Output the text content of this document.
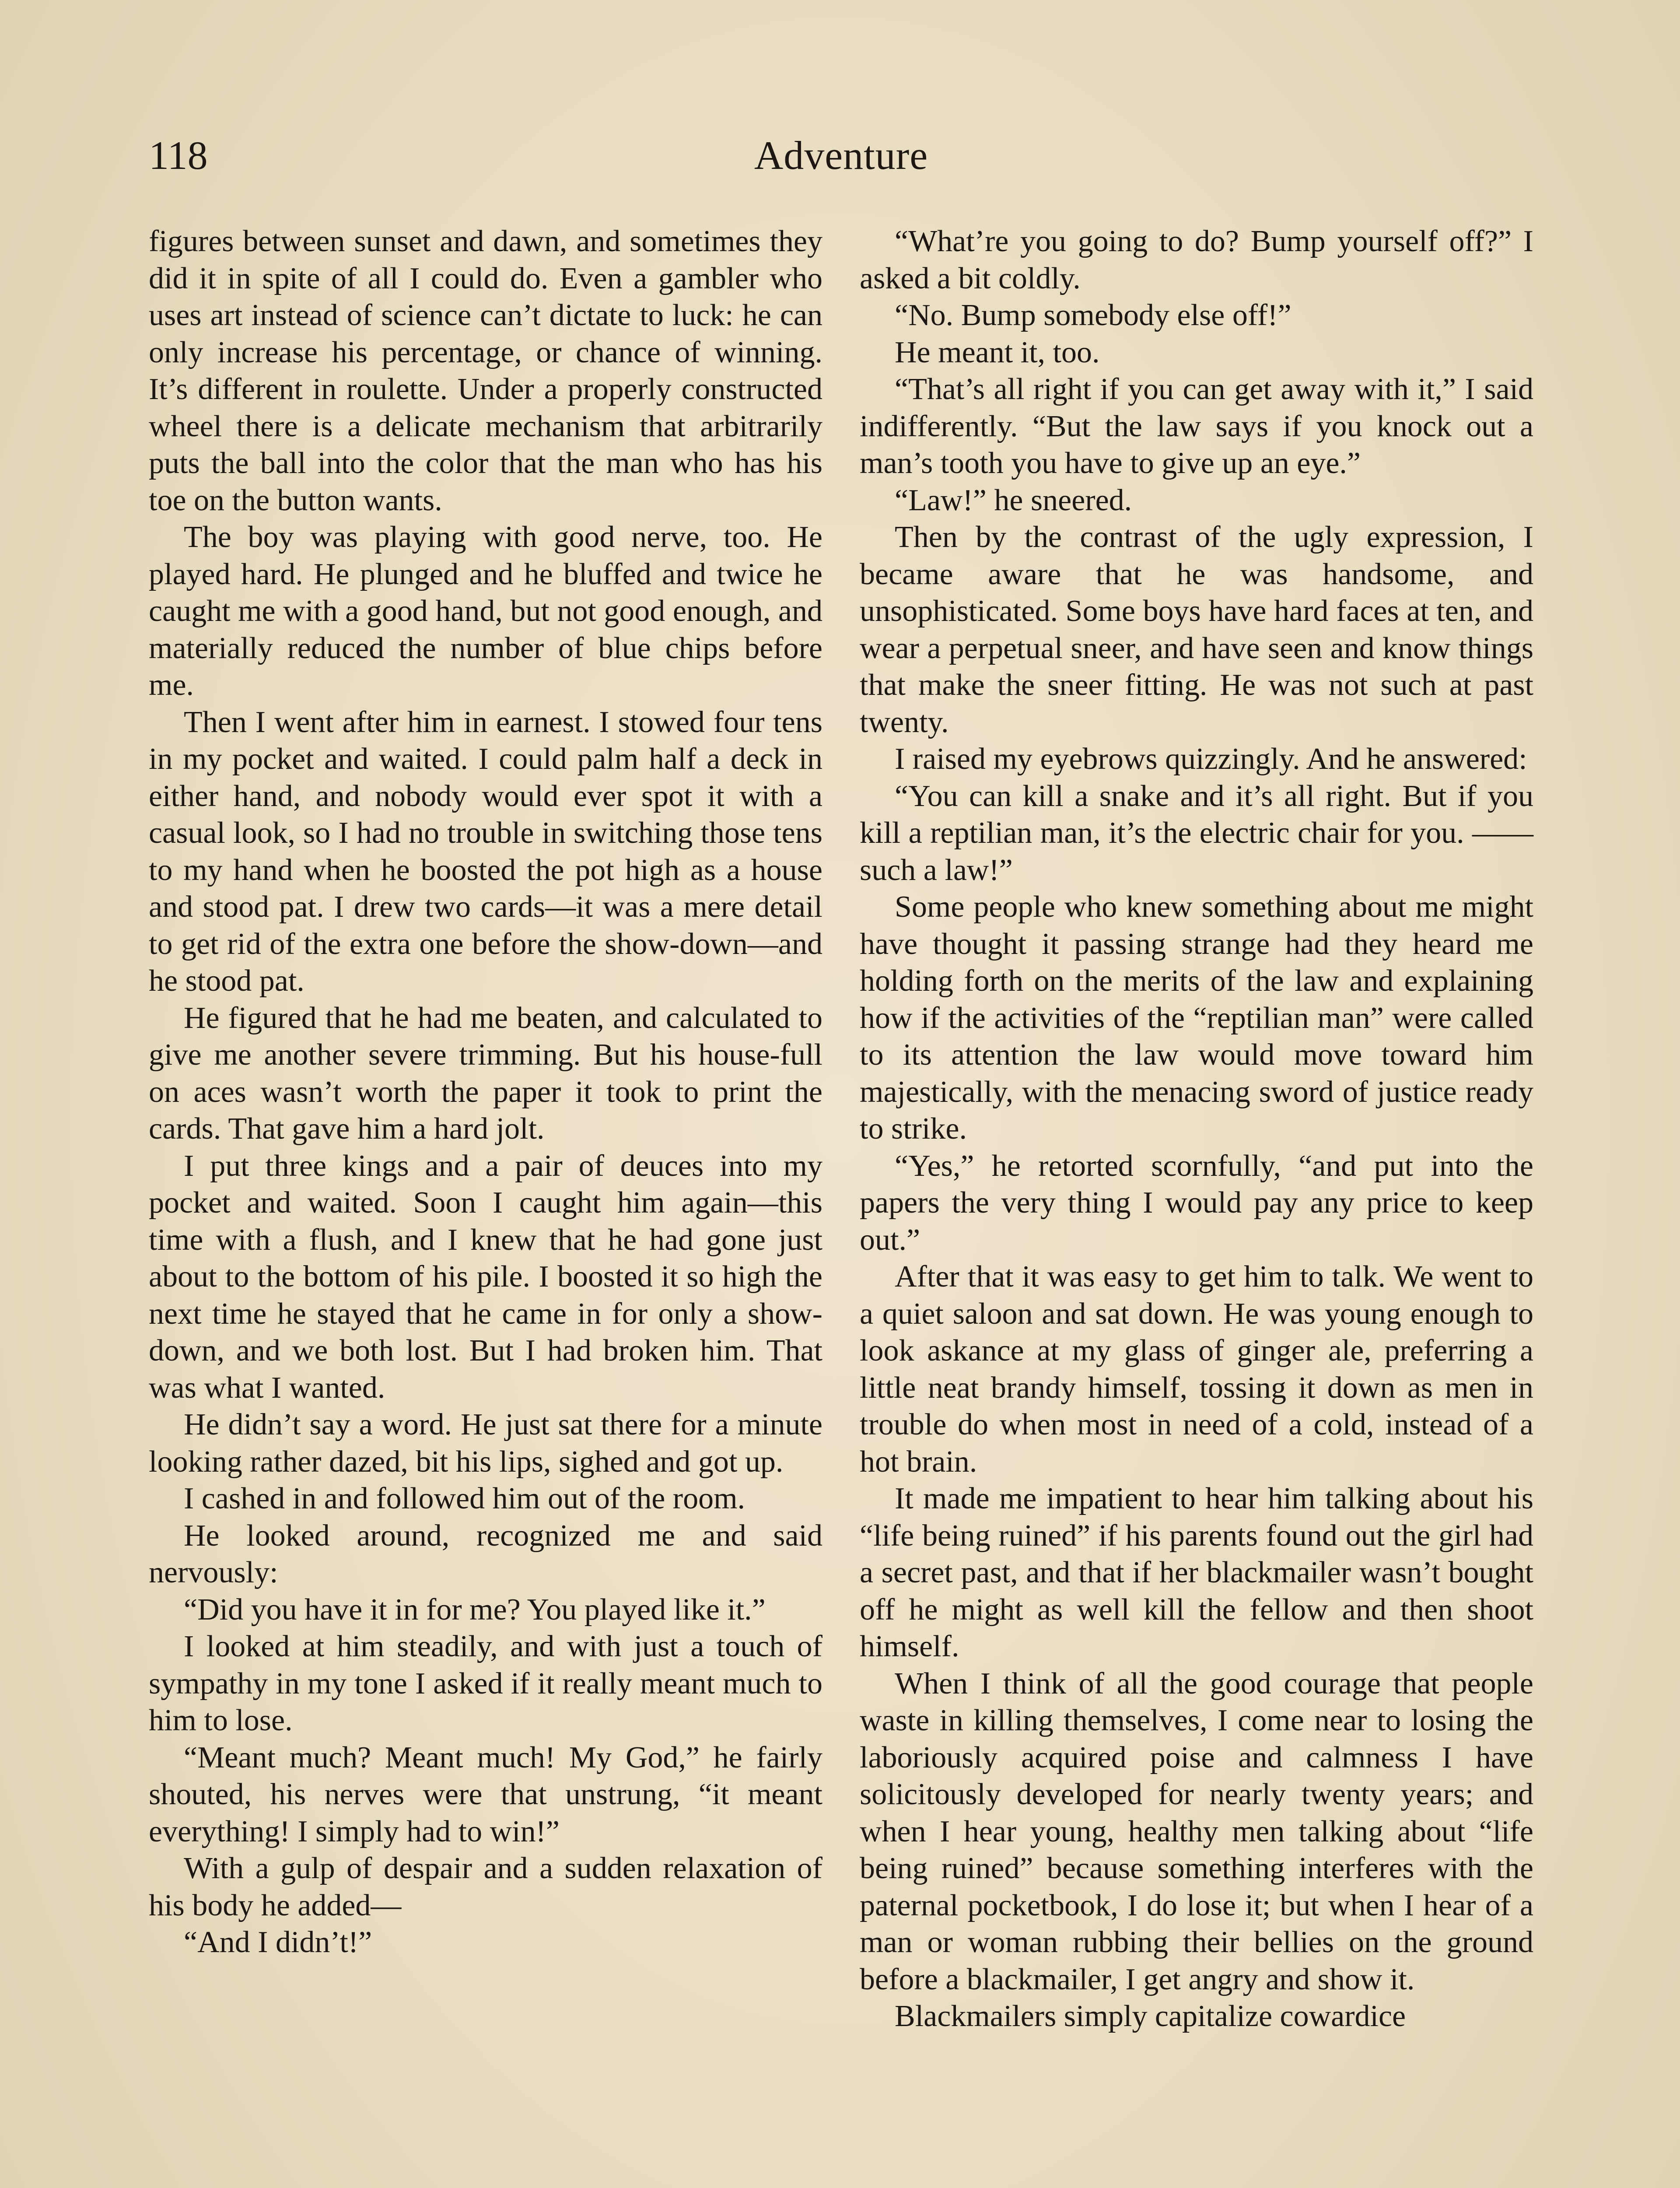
118	Adventure

figures between sunset and dawn, and sometimes they did it in spite of all I could do. Even a gambler who uses art instead of science can’t dictate to luck: he can only increase his percentage, or chance of winning. It’s different in roulette. Under a properly constructed wheel there is a delicate mechanism that arbitrarily puts the ball into the color that the man who has his toe on the button wants.

The boy was playing with good nerve, too. He played hard. He plunged and he bluffed and twice he caught me with a good hand, but not good enough, and materially reduced the number of blue chips before me.

Then I went after him in earnest. I stowed four tens in my pocket and waited. I could palm half a deck in either hand, and nobody would ever spot it with a casual look, so I had no trouble in switching those tens to my hand when he boosted the pot high as a house and stood pat. I drew two cards—it was a mere detail to get rid of the extra one before the show-down—and he stood pat.

He figured that he had me beaten, and calculated to give me another severe trimming. But his house-full on aces wasn’t worth the paper it took to print the cards. That gave him a hard jolt.

I put three kings and a pair of deuces into my pocket and waited. Soon I caught him again—this time with a flush, and I knew that he had gone just about to the bottom of his pile. I boosted it so high the next time he stayed that he came in for only a show-down, and we both lost. But I had broken him. That was what I wanted.

He didn’t say a word. He just sat there for a minute looking rather dazed, bit his lips, sighed and got up.

I cashed in and followed him out of the room.

He looked around, recognized me and said nervously:

“Did you have it in for me? You played like it.”

I looked at him steadily, and with just a touch of sympathy in my tone I asked if it really meant much to him to lose.

“Meant much? Meant much! My God,” he fairly shouted, his nerves were that unstrung, “it meant everything! I simply had to win!”

With a gulp of despair and a sudden relaxation of his body he added—

“And I didn’t!”

“What’re you going to do? Bump yourself off?” I asked a bit coldly.

“No. Bump somebody else off!”

He meant it, too.

“That’s all right if you can get away with it,” I said indifferently. “But the law says if you knock out a man’s tooth you have to give up an eye.”

“Law!” he sneered.

Then by the contrast of the ugly expression, I became aware that he was handsome, and unsophisticated. Some boys have hard faces at ten, and wear a perpetual sneer, and have seen and know things that make the sneer fitting. He was not such at past twenty.

I raised my eyebrows quizzingly. And he answered:

“You can kill a snake and it’s all right. But if you kill a reptilian man, it’s the electric chair for you. —— such a law!”

Some people who knew something about me might have thought it passing strange had they heard me holding forth on the merits of the law and explaining how if the activities of the “reptilian man” were called to its attention the law would move toward him majestically, with the menacing sword of justice ready to strike.

“Yes,” he retorted scornfully, “and put into the papers the very thing I would pay any price to keep out.”

After that it was easy to get him to talk. We went to a quiet saloon and sat down. He was young enough to look askance at my glass of ginger ale, preferring a little neat brandy himself, tossing it down as men in trouble do when most in need of a cold, instead of a hot brain.

It made me impatient to hear him talking about his “life being ruined” if his parents found out the girl had a secret past, and that if her blackmailer wasn’t bought off he might as well kill the fellow and then shoot himself.

When I think of all the good courage that people waste in killing themselves, I come near to losing the laboriously acquired poise and calmness I have solicitously developed for nearly twenty years; and when I hear young, healthy men talking about “life being ruined” because something interferes with the paternal pocketbook, I do lose it; but when I hear of a man or woman rubbing their bellies on the ground before a blackmailer, I get angry and show it.

Blackmailers simply capitalize cowardice
